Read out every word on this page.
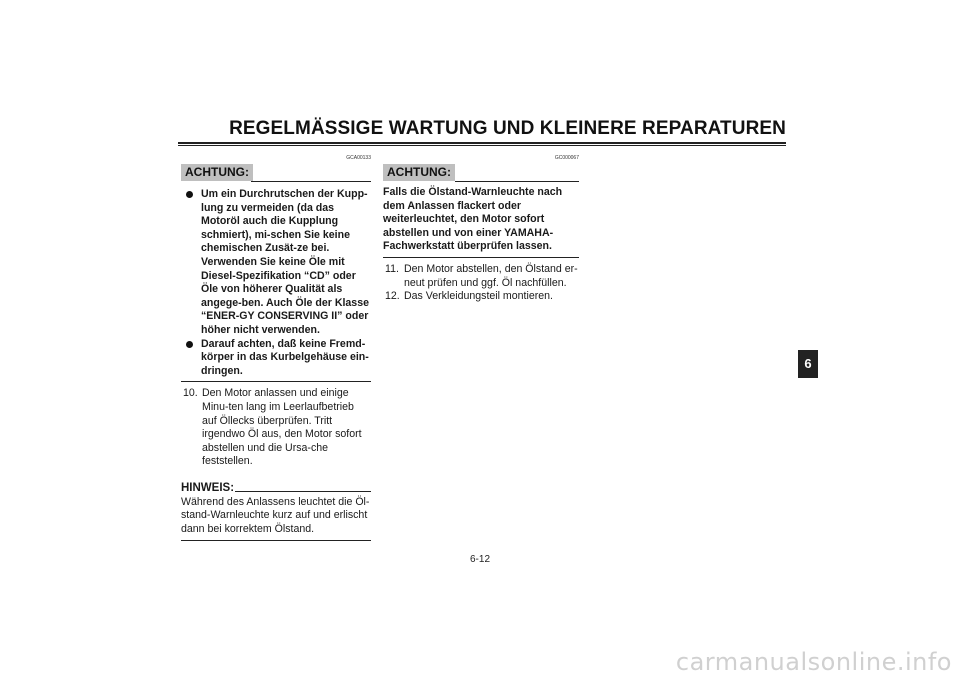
REGELMÄSSIGE WARTUNG UND KLEINERE REPARATUREN
GCA00133
ACHTUNG:
Um ein Durchrutschen der Kupp-lung zu vermeiden (da das Motoröl auch die Kupplung schmiert), mi-schen Sie keine chemischen Zusät-ze bei. Verwenden Sie keine Öle mit Diesel-Spezifikation “CD” oder Öle von höherer Qualität als angege-ben. Auch Öle der Klasse “ENER-GY CONSERVING II” oder höher nicht verwenden.
Darauf achten, daß keine Fremd-körper in das Kurbelgehäuse ein-dringen.
10. Den Motor anlassen und einige Minu-ten lang im Leerlaufbetrieb auf Öllecks überprüfen. Tritt irgendwo Öl aus, den Motor sofort abstellen und die Ursa-che feststellen.
HINWEIS:
Während des Anlassens leuchtet die Öl-stand-Warnleuchte kurz auf und erlischt dann bei korrektem Ölstand.
GC000067
ACHTUNG:
Falls die Ölstand-Warnleuchte nach dem Anlassen flackert oder weiterleuchtet, den Motor sofort abstellen und von einer YAMAHA- Fachwerkstatt überprüfen lassen.
11. Den Motor abstellen, den Ölstand er-neut prüfen und ggf. Öl nachfüllen.
12. Das Verkleidungsteil montieren.
6
6-12
carmanualsonline.info
